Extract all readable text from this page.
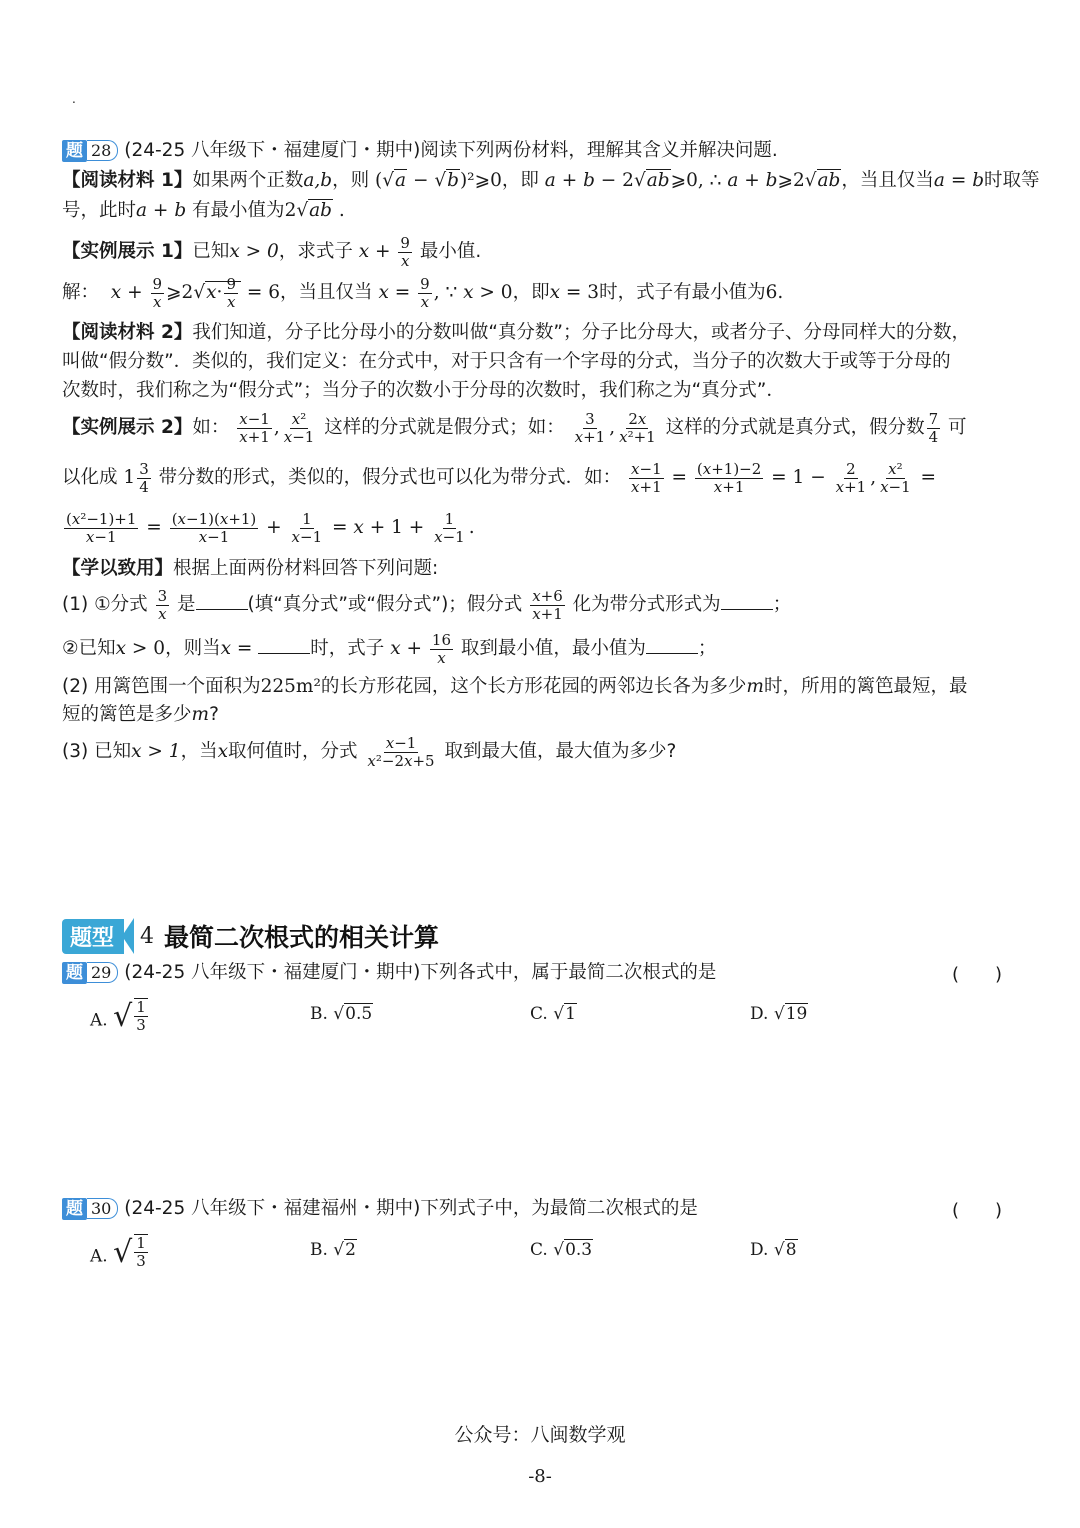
.
题 28 (24-25 八年级下・福建厦门・期中)阅读下列两份材料，理解其含义并解决问题.
【阅读材料 1】如果两个正数a,b，则 (√a − √b)²⩾0，即 a + b − 2√ab⩾0, ∴ a + b⩾2√ab，当且仅当a = b时取等
号，此时a + b 有最小值为2√ab .
【实例展示 1】已知x > 0，求式子 $x + \frac{9}{x}$ 最小值.
解： $x + \frac{9}{x}$ ⩾2√x· $\frac{9}{x} = 6$，当且仅当 $x = \frac{9}{x}$ , ∵ x > 0，即x = 3时，式子有最小值为6.
【阅读材料 2】我们知道，分子比分母小的分数叫做“真分数”；分子比分母大，或者分子、分母同样大的分数，
叫做“假分数”．类似的，我们定义：在分式中，对于只含有一个字母的分式，当分子的次数大于或等于分母的
次数时，我们称之为“假分式”；当分子的次数小于分母的次数时，我们称之为“真分式”．
【实例展示 2】如： $\frac{x-1}{x+1}$ , $\frac{\text{x²}}{x-1}$ 这样的分式就是假分式；如： $\frac{3}{x+1}$ , $\frac{2x}{\text{x²+1}}$ 这样的分式就是真分式，假分数 $\frac{7}{4}$ 可
以化成 $1 \frac{3}{4}$ 带分数的形式，类似的，假分式也可以化为带分式．如： $\frac{x-1}{x+1} = \frac{(x+1)-2}{x+1} = 1 - \frac{2}{x+1}$ , $\frac{\text{x²}}{x-1}$ =
$\frac{\text{(x²−1)+1}}{x-1} = \frac{(x-1)(x+1)}{x-1} + \frac{1}{x-1} = x + 1 + \frac{1}{x-1}$ .
【学以致用】根据上面两份材料回答下列问题:
(1) ①分式 $\frac{3}{x}$ 是	(填“真分式”或“假分式”)；假分式 $\frac{x+6}{x+1}$ 化为带分式形式为	；
②已知x > 0，则当x =	时，式子 $x + \frac{16}{x}$ 取到最小值，最小值为	；
(2) 用篱笆围一个面积为225m²的长方形花园，这个长方形花园的两邻边长各为多少m时，所用的篱笆最短，最
短的篱笆是多少m?
(3) 已知x > 1，当x取何值时，分式 $\frac{x-1}{\text{x²−2x+5}}$ 取到最大值，最大值为多少?
题型	4 最简二次根式的相关计算
题 29 (24-25 八年级下・福建厦门・期中)下列各式中，属于最简二次根式的是	(　　)
A. √ $\frac{1}{3}$	B. √0.5	C. √1	D. √19
题 30 (24-25 八年级下・福建福州・期中)下列式子中，为最简二次根式的是	(　　)
A. √ $\frac{1}{3}$	B. √2	C. √0.3	D. √8
公众号：八闽数学观
-8-
